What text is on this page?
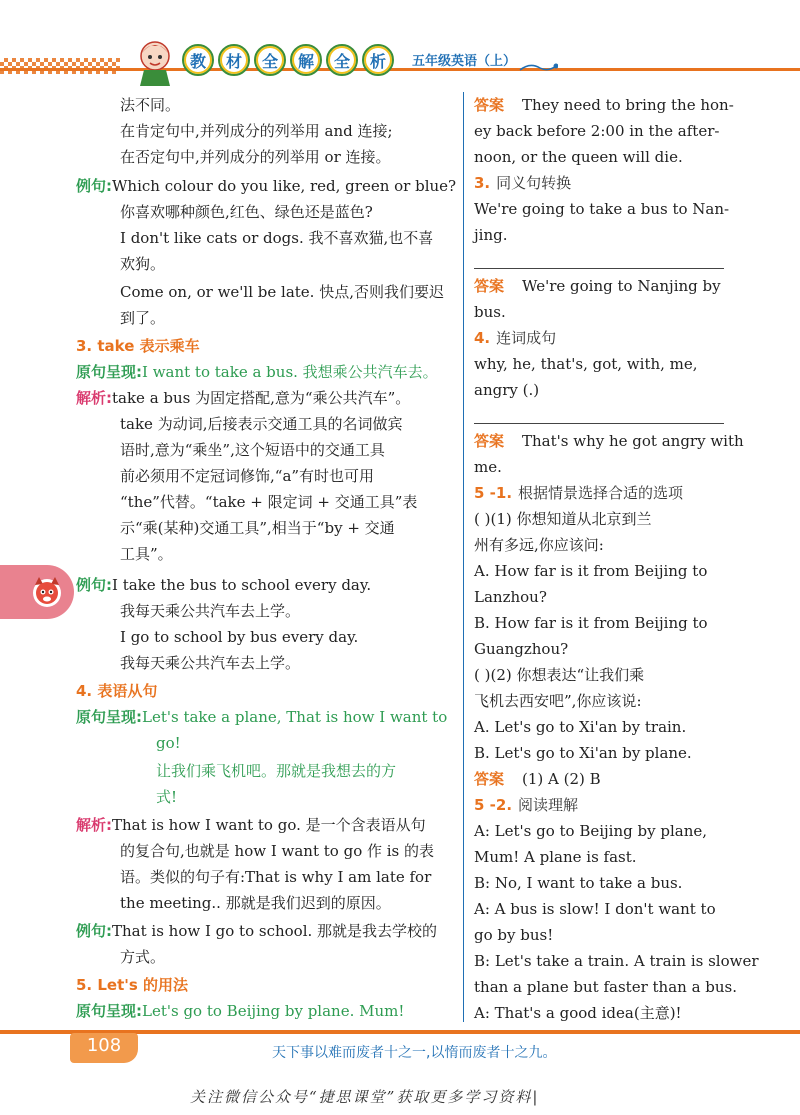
教	材	全	解	全	析	五年级英语（上）
法不同。
在肯定句中,并列成分的列举用 and 连接;
在否定句中,并列成分的列举用 or 连接。
例句:Which colour do you like, red, green or blue?
你喜欢哪种颜色,红色、绿色还是蓝色?
I don't like cats or dogs. 我不喜欢猫,也不喜
欢狗。
Come on, or we'll be late. 快点,否则我们要迟
到了。
3. take 表示乘车
原句呈现:I want to take a bus. 我想乘公共汽车去。
解析:take a bus 为固定搭配,意为“乘公共汽车”。
take 为动词,后接表示交通工具的名词做宾
语时,意为“乘坐”,这个短语中的交通工具
前必须用不定冠词修饰,“a”有时也可用
“the”代替。“take + 限定词 + 交通工具”表
示“乘(某种)交通工具”,相当于“by + 交通
工具”。
例句:I take the bus to school every day.
我每天乘公共汽车去上学。
I go to school by bus every day.
我每天乘公共汽车去上学。
4. 表语从句
原句呈现:Let's take a plane, That is how I want to
go!
让我们乘飞机吧。那就是我想去的方
式!
解析:That is how I want to go. 是一个含表语从句
的复合句,也就是 how I want to go 作 is 的表
语。类似的句子有:That is why I am late for
the meeting.. 那就是我们迟到的原因。
例句:That is how I go to school. 那就是我去学校的
方式。
5. Let's 的用法
原句呈现:Let's go to Beijing by plane. Mum!
答案 They need to bring the hon-
ey back before 2:00 in the after-
noon, or the queen will die.
3. 同义句转换
We're going to take a bus to Nan-
jing.
答案 We're going to Nanjing by
bus.
4. 连词成句
why, he, that's, got, with, me,
angry (.)
答案 That's why he got angry with
me.
5 -1. 根据情景选择合适的选项
( )(1) 你想知道从北京到兰
州有多远,你应该问:
A. How far is it from Beijing to
Lanzhou?
B. How far is it from Beijing to
Guangzhou?
( )(2) 你想表达“让我们乘
飞机去西安吧”,你应该说:
A. Let's go to Xi'an by train.
B. Let's go to Xi'an by plane.
答案 (1) A (2) B
5 -2. 阅读理解
A: Let's go to Beijing by plane,
Mum! A plane is fast.
B: No, I want to take a bus.
A: A bus is slow! I don't want to
go by bus!
B: Let's take a train. A train is slower
than a plane but faster than a bus.
A: That's a good idea(主意)!
108	天下事以难而废者十之一,以惰而废者十之九。
关注微信公众号“捷思课堂”获取更多学习资料|
